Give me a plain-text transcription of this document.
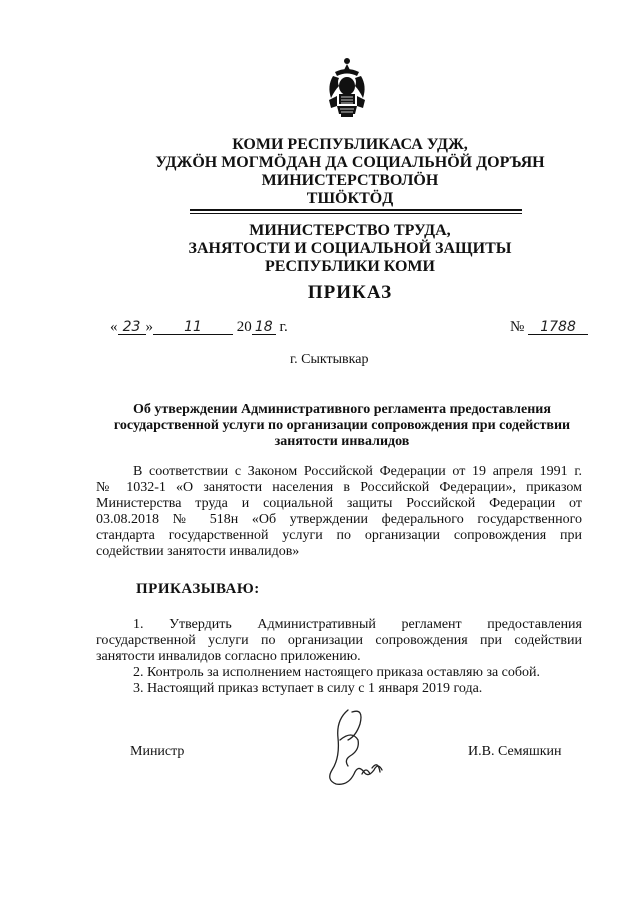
КОМИ РЕСПУБЛИКАСА УДЖ,
УДЖӦН МОГМӦДАН ДА СОЦИАЛЬНӦЙ ДОРЪЯН
МИНИСТЕРСТВОЛӦН
ТШӦКТӦД
МИНИСТЕРСТВО ТРУДА,
ЗАНЯТОСТИ И СОЦИАЛЬНОЙ ЗАЩИТЫ
РЕСПУБЛИКИ КОМИ
ПРИКАЗ
« 23 » 11 20 18 г.	№ 1788
г. Сыктывкар
Об утверждении Административного регламента предоставления
государственной услуги по организации сопровождения при содействии
занятости инвалидов
В соответствии с Законом Российской Федерации от 19 апреля 1991 г.
№ 1032-1 «О занятости населения в Российской Федерации», приказом
Министерства труда и социальной защиты Российской Федерации от
03.08.2018 № 518н «Об утверждении федерального государственного
стандарта государственной услуги по организации сопровождения при
содействии занятости инвалидов»
ПРИКАЗЫВАЮ:
1. Утвердить Административный регламент предоставления
государственной услуги по организации сопровождения при содействии
занятости инвалидов согласно приложению.
2. Контроль за исполнением настоящего приказа оставляю за собой.
3. Настоящий приказ вступает в силу с 1 января 2019 года.
Министр	И.В. Семяшкин
